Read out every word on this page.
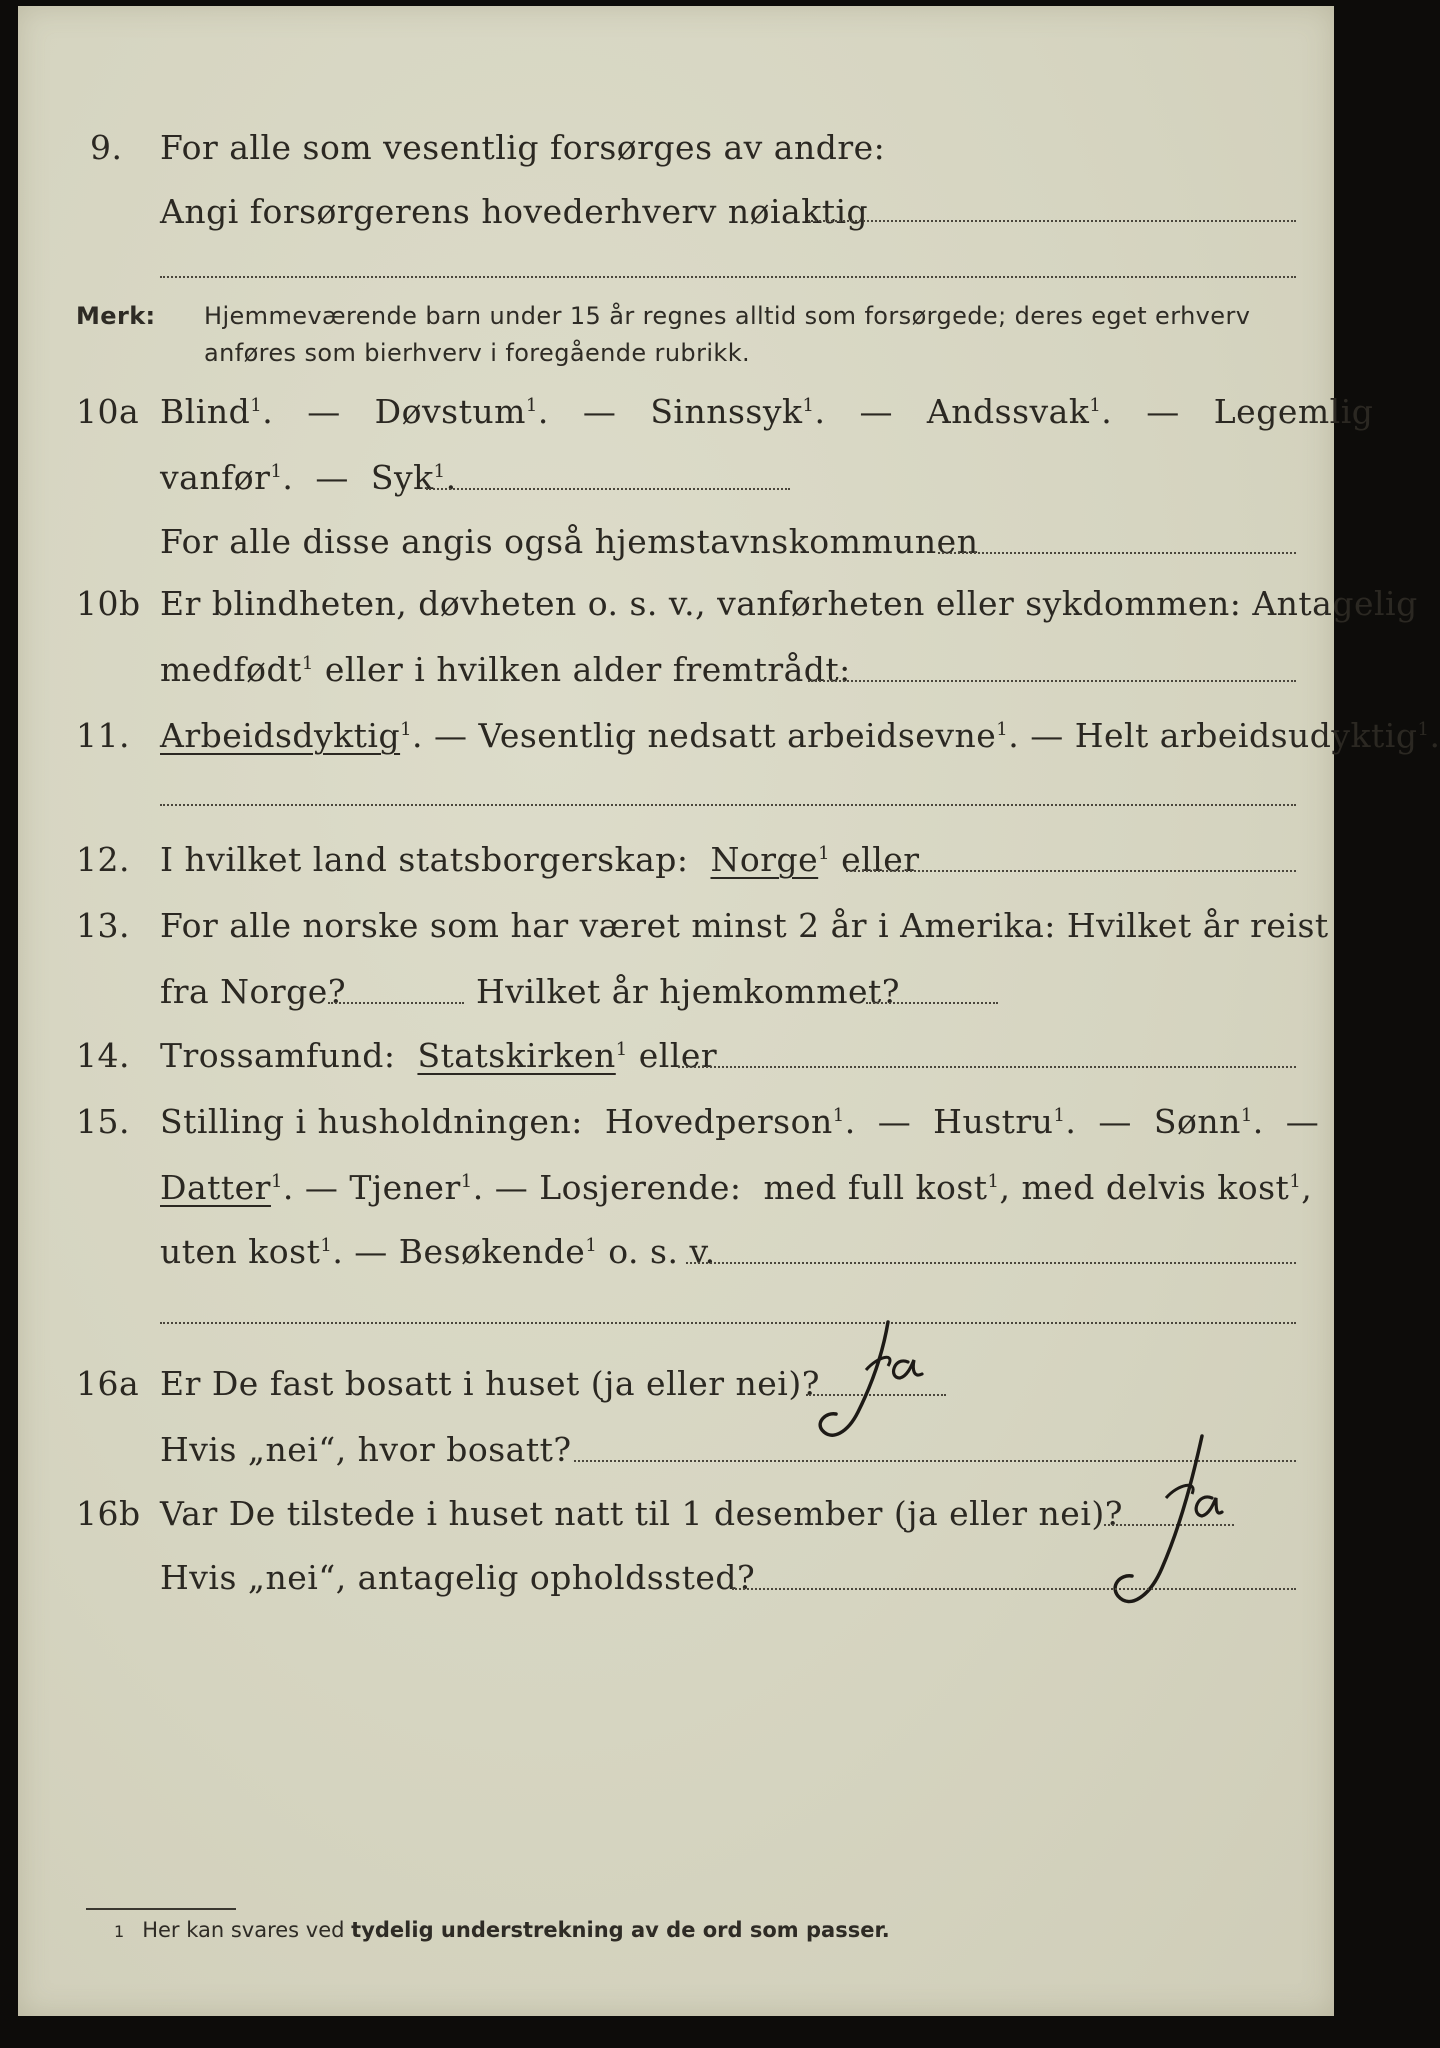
9. For alle som vesentlig forsørges av andre:
Angi forsørgerens hovederhverv nøiaktig
Merk: Hjemmeværende barn under 15 år regnes alltid som forsørgede; deres eget erhverv
anføres som bierhverv i foregående rubrikk.
10a Blind$^1$.  — Døvstum$^1$.  — Sinnssyk$^1$.  — Andssvak$^1$.  — Legemlig
vanfør$^1$.  — Syk$^1$.
For alle disse angis også hjemstavnskommunen
10b Er blindheten, døvheten o. s. v., vanførheten eller sykdommen: Antagelig
medfødt$^1$ eller i hvilken alder fremtrådt:
11. Arbeidsdyktig$^1$. — Vesentlig nedsatt arbeidsevne$^1$. — Helt arbeidsudyktig$^1$.
12. I hvilket land statsborgerskap: Norge$^1$ eller
13. For alle norske som har været minst 2 år i Amerika: Hvilket år reist
fra Norge?	Hvilket år hjemkommet?
14. Trossamfund: Statskirken$^1$ eller
15. Stilling i husholdningen: Hovedperson$^1$.  — Hustru$^1$.  — Sønn$^1$.  —
Datter$^1$. — Tjener$^1$. — Losjerende: med full kost$^1$, med delvis kost$^1$,
uten kost$^1$. — Besøkende$^1$ o. s. v.
16a Er De fast bosatt i huset (ja eller nei)?
Hvis „nei“, hvor bosatt?
16b Var De tilstede i huset natt til 1 desember (ja eller nei)?
Hvis „nei“, antagelig opholdssted?
1 Her kan svares ved tydelig understrekning av de ord som passer.
